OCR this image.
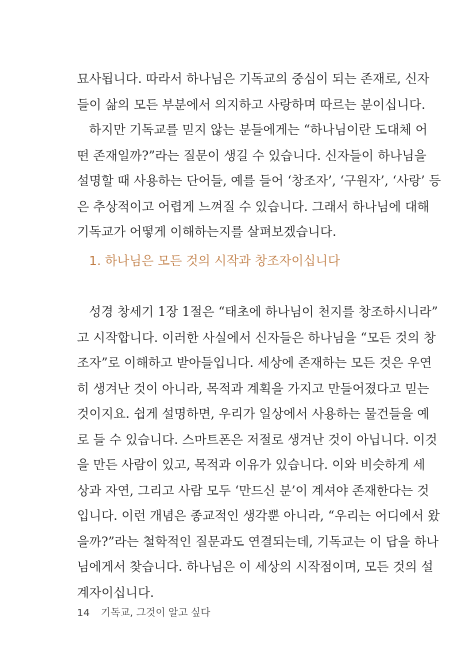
묘사됩니다. 따라서 하나님은 기독교의 중심이 되는 존재로, 신자
들이 삶의 모든 부분에서 의지하고 사랑하며 따르는 분이십니다.
하지만 기독교를 믿지 않는 분들에게는 “하나님이란 도대체 어
떤 존재일까?”라는 질문이 생길 수 있습니다. 신자들이 하나님을
설명할 때 사용하는 단어들, 예를 들어 ‘창조자’, ‘구원자’, ‘사랑’ 등
은 추상적이고 어렵게 느껴질 수 있습니다. 그래서 하나님에 대해
기독교가 어떻게 이해하는지를 살펴보겠습니다.
1. 하나님은 모든 것의 시작과 창조자이십니다
성경 창세기 1장 1절은 “태초에 하나님이 천지를 창조하시니라”
고 시작합니다. 이러한 사실에서 신자들은 하나님을 “모든 것의 창
조자”로 이해하고 받아들입니다. 세상에 존재하는 모든 것은 우연
히 생겨난 것이 아니라, 목적과 계획을 가지고 만들어졌다고 믿는
것이지요. 쉽게 설명하면, 우리가 일상에서 사용하는 물건들을 예
로 들 수 있습니다. 스마트폰은 저절로 생겨난 것이 아닙니다. 이것
을 만든 사람이 있고, 목적과 이유가 있습니다. 이와 비슷하게 세
상과 자연, 그리고 사람 모두 ‘만드신 분’이 계셔야 존재한다는 것
입니다. 이런 개념은 종교적인 생각뿐 아니라, “우리는 어디에서 왔
을까?”라는 철학적인 질문과도 연결되는데, 기독교는 이 답을 하나
님에게서 찾습니다. 하나님은 이 세상의 시작점이며, 모든 것의 설
계자이십니다.
14 기독교, 그것이 알고 싶다
